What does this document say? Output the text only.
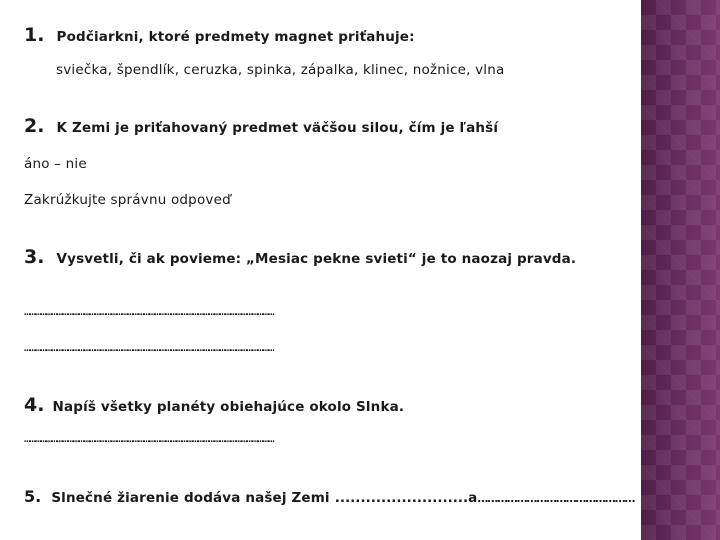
1. Podčiarkni, ktoré predmety magnet priťahuje:
sviečka, špendlík, ceruzka, spinka, zápalka, klinec, nožnice, vlna
2. K Zemi je priťahovaný predmet väčšou silou, čím je ľahší
áno – nie
Zakrúžkujte správnu odpoveď
3. Vysvetli, či ak povieme: „Mesiac pekne svieti“ je to naozaj pravda.
…………………………………………………………………………………………………………………………
…………………………………………………………………………………………………………………………
4. Napíš všetky planéty obiehajúce okolo Slnka.
…………………………………………………………………………………………………………………………
5. Slnečné žiarenie dodáva našej Zemi ..........................a…………………………………………
